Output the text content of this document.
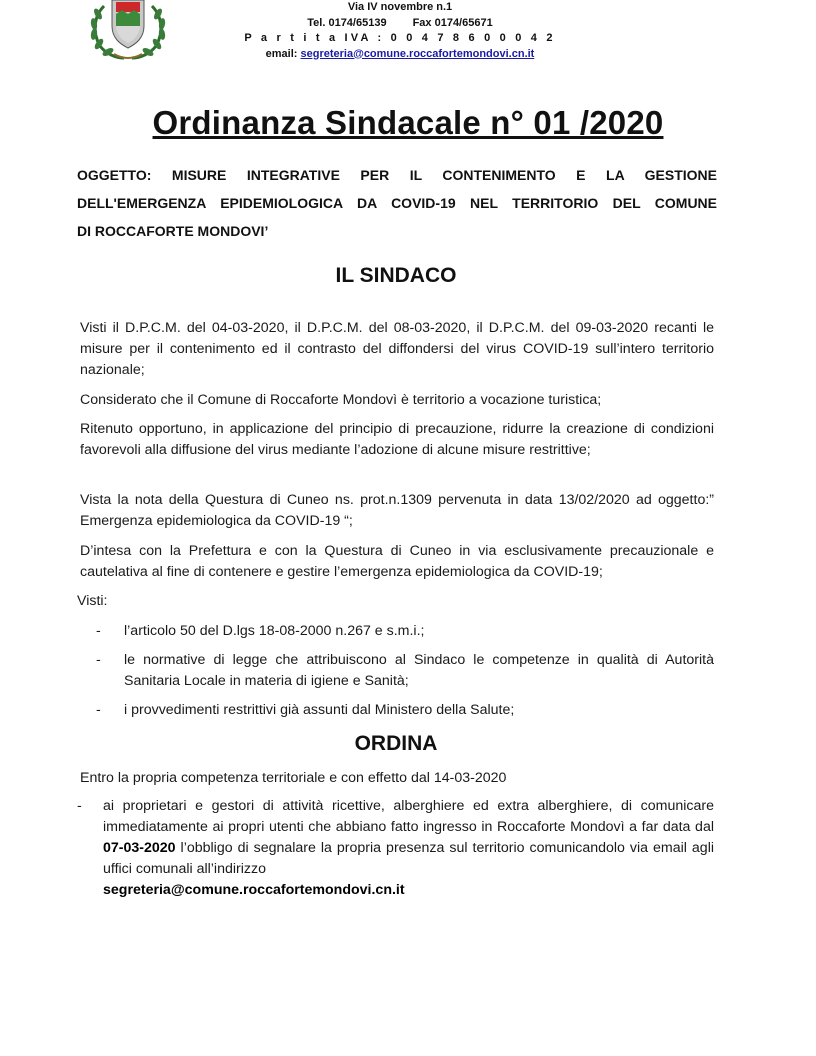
Via IV novembre n.1
Tel. 0174/65139 Fax 0174/65671
P a r t i t a IVA : 0 0 4 7 8 6 0 0 0 4 2
email: segreteria@comune.roccafortemondovi.cn.it
Ordinanza Sindacale n° 01 /2020
OGGETTO: MISURE INTEGRATIVE PER IL CONTENIMENTO E LA GESTIONE
DELL'EMERGENZA EPIDEMIOLOGICA DA COVID-19 NEL TERRITORIO DEL COMUNE
DI ROCCAFORTE MONDOVI’
IL SINDACO

Visti il D.P.C.M. del 04-03-2020, il D.P.C.M. del 08-03-2020, il D.P.C.M. del 09-03-2020 recanti le misure per il contenimento ed il contrasto del diffondersi del virus COVID-19 sull’intero territorio nazionale;

Considerato che il Comune di Roccaforte Mondovì è territorio a vocazione turistica;

Ritenuto opportuno, in applicazione del principio di precauzione, ridurre la creazione di condizioni favorevoli alla diffusione del virus mediante l’adozione di alcune misure restrittive;

Vista la nota della Questura di Cuneo ns. prot.n.1309 pervenuta in data 13/02/2020 ad oggetto:” Emergenza epidemiologica da COVID-19 “;

D’intesa con la Prefettura e con la Questura di Cuneo in via esclusivamente precauzionale e cautelativa al fine di contenere e gestire l’emergenza epidemiologica da COVID-19;

Visti:
- l’articolo 50 del D.lgs 18-08-2000 n.267 e s.m.i.;
- le normative di legge che attribuiscono al Sindaco le competenze in qualità di Autorità Sanitaria Locale in materia di igiene e Sanità;
- i provvedimenti restrittivi già assunti dal Ministero della Salute;
ORDINA
Entro la propria competenza territoriale e con effetto dal 14-03-2020
-	ai proprietari e gestori di attività ricettive, alberghiere ed extra alberghiere, di comunicare immediatamente ai propri utenti che abbiano fatto ingresso in Roccaforte Mondovì a far data dal 07-03-2020 l’obbligo di segnalare la propria presenza sul territorio comunicandolo via email agli uffici comunali all’indirizzo
segreteria@comune.roccafortemondovi.cn.it
